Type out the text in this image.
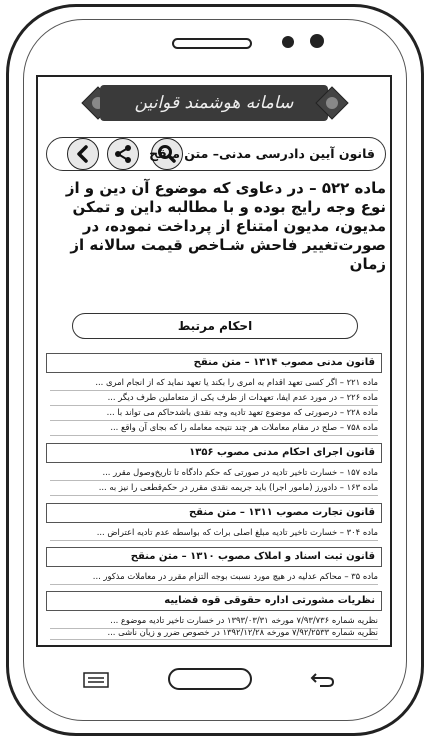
سامانه هوشمند قوانین
قانون آیین دادرسی مدنی– متن منقح
ماده ۵۲۲ – در دعاوی‌ که‌ موضوع آن‌ دین‌ و از نوع‌ وجه‌ رایج‌ بوده‌ و با مطالبه‌ داین‌ و تمکن‌ مدیون‌، مدیون‌ امتناع‌ از پرداخت‌ نموده‌، در صورت‌تغییر فاحش‌ شـاخص‌ قیمت‌ سالانه‌ از زمان‌
احکام مرتبط
قانون مدنی مصوب ۱۳۱۴ – متن منقح
ماده ۲۲۱ – اگر کسی تعهد اقدام به امری را بکند یا تعهد نماید که از انجام امری ...
ماده ۲۲۶ – در مورد عدم ایفا، تعهدات از طرف یکی از متعاملین طرف دیگر ...
ماده ۲۲۸ – درصورتی که موضوع تعهد تادیه وجه نقدی باشدحاکم می تواند با ...
ماده ۷۵۸ – صلح در مقام معاملات هر چند نتیجه معامله را که بجای آن واقع ...
قانون اجرای احکام مدنی مصوب ۱۳۵۶
ماده ۱۵۷ – خسارت تاخیر تادیه در صورتی که حکم دادگاه تا تاریخ‌وصول مقرر ...
ماده ۱۶۳ – دادورز (مامور اجرا) باید جریمه نقدی مقرر در حکم‌قطعی را نیز به ...
قانون تجارت مصوب ۱۳۱۱ – متن منقح
ماده ۳۰۴ – خسارت تاخیر تادیه مبلغ اصلی برات که بواسطه عدم تادیه اعتراض ...
قانون ثبت اسناد و املاک مصوب ۱۳۱۰ – متن منقح
ماده ۳۵ – محاکم عدلیه در هیچ مورد نسبت بوجه التزام مقرر در معاملات مذکور ...
نظریات مشورتی اداره حقوقی قوه قضاییه
نظریه شماره ۷/۹۳/۷۳۶ مورخه ۱۳۹۳/۰۳/۳۱ در خسارت تاخیر تادیه موضوع ...
نظریه شماره ۷/۹۲/۲۵۳۳ مورخه ۱۳۹۲/۱۲/۲۸ در خصوص ضرر و زیان ناشی ...
